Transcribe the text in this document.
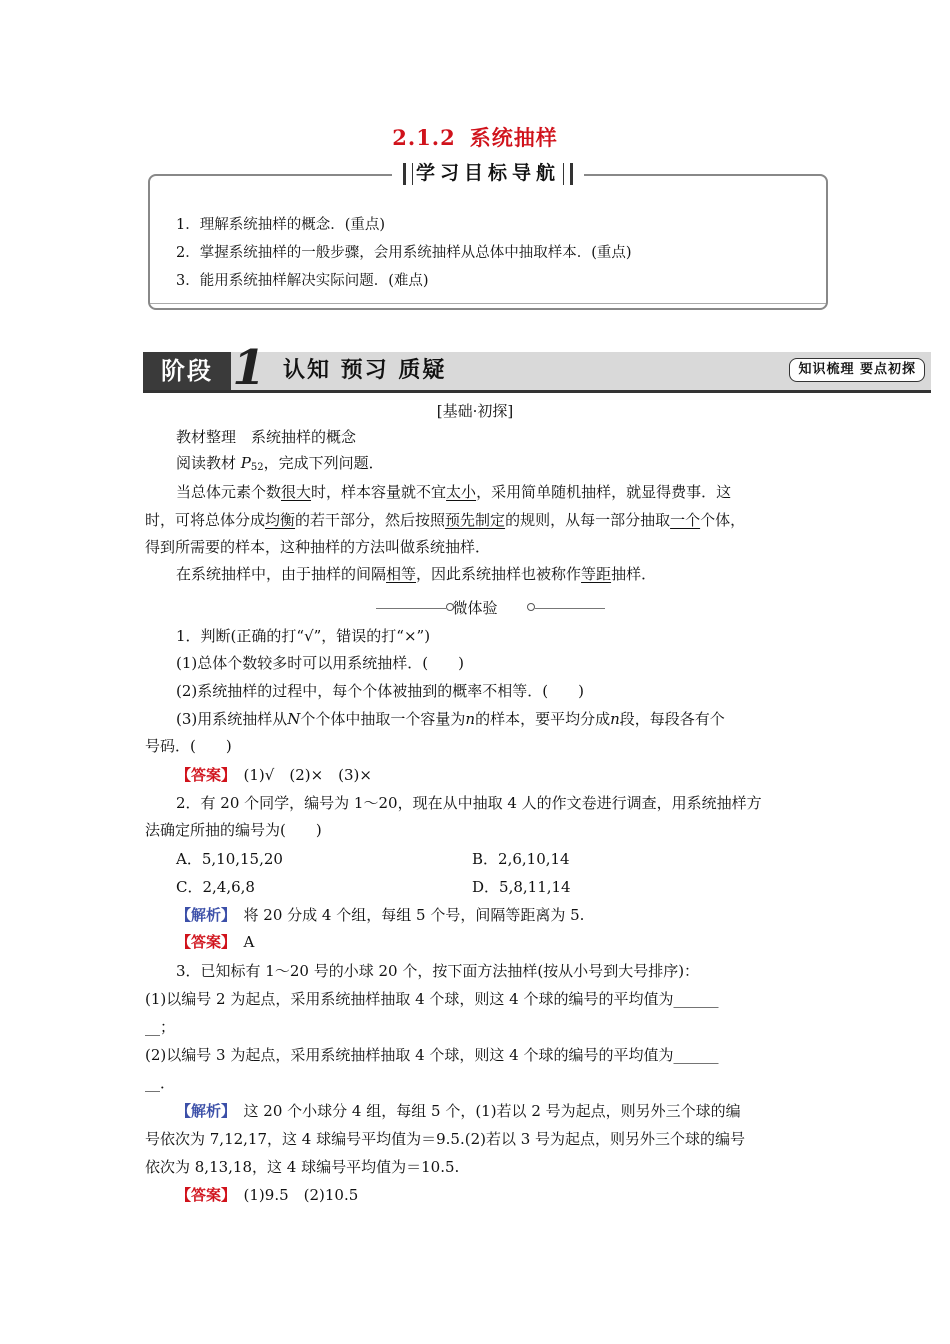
2.1.2 系统抽样
学习目标导航
1．理解系统抽样的概念．(重点)
2．掌握系统抽样的一般步骤，会用系统抽样从总体中抽取样本．(重点)
3．能用系统抽样解决实际问题．(难点)
阶段 1 认知 预习 质疑	知识梳理 要点初探
[基础·初探]
教材整理　系统抽样的概念
阅读教材 $P_{52}$，完成下列问题．
当总体元素个数很大时，样本容量就不宜太小，采用简单随机抽样，就显得费事．这
时，可将总体分成均衡的若干部分，然后按照预先制定的规则，从每一部分抽取一个个体，
得到所需要的样本，这种抽样的方法叫做系统抽样．
在系统抽样中，由于抽样的间隔相等，因此系统抽样也被称作等距抽样．
微体验
1．判断(正确的打“√”，错误的打“×”)
(1)总体个数较多时可以用系统抽样．(　　)
(2)系统抽样的过程中，每个个体被抽到的概率不相等．(　　)
(3)用系统抽样从N个个体中抽取一个容量为n的样本，要平均分成n段，每段各有个
号码．(　　)
【答案】　 (1)√　(2)×　(3)×
2．有 20 个同学，编号为 1～20，现在从中抽取 4 人的作文卷进行调查，用系统抽样方
法确定所抽的编号为(　　)
A．5,10,15,20	B．2,6,10,14
C．2,4,6,8	D．5,8,11,14
【解析】　 将 20 分成 4 个组，每组 5 个号，间隔等距离为 5.
【答案】　 A
3．已知标有 1～20 号的小球 20 个，按下面方法抽样(按从小号到大号排序)：
(1)以编号 2 为起点，采用系统抽样抽取 4 个球，则这 4 个球的编号的平均值为______
__；
(2)以编号 3 为起点，采用系统抽样抽取 4 个球，则这 4 个球的编号的平均值为______
__．
【解析】　 这 20 个小球分 4 组，每组 5 个，(1)若以 2 号为起点，则另外三个球的编
号依次为 7,12,17，这 4 球编号平均值为＝9.5.(2)若以 3 号为起点，则另外三个球的编号
依次为 8,13,18，这 4 球编号平均值为＝10.5.
【答案】　 (1)9.5　(2)10.5
